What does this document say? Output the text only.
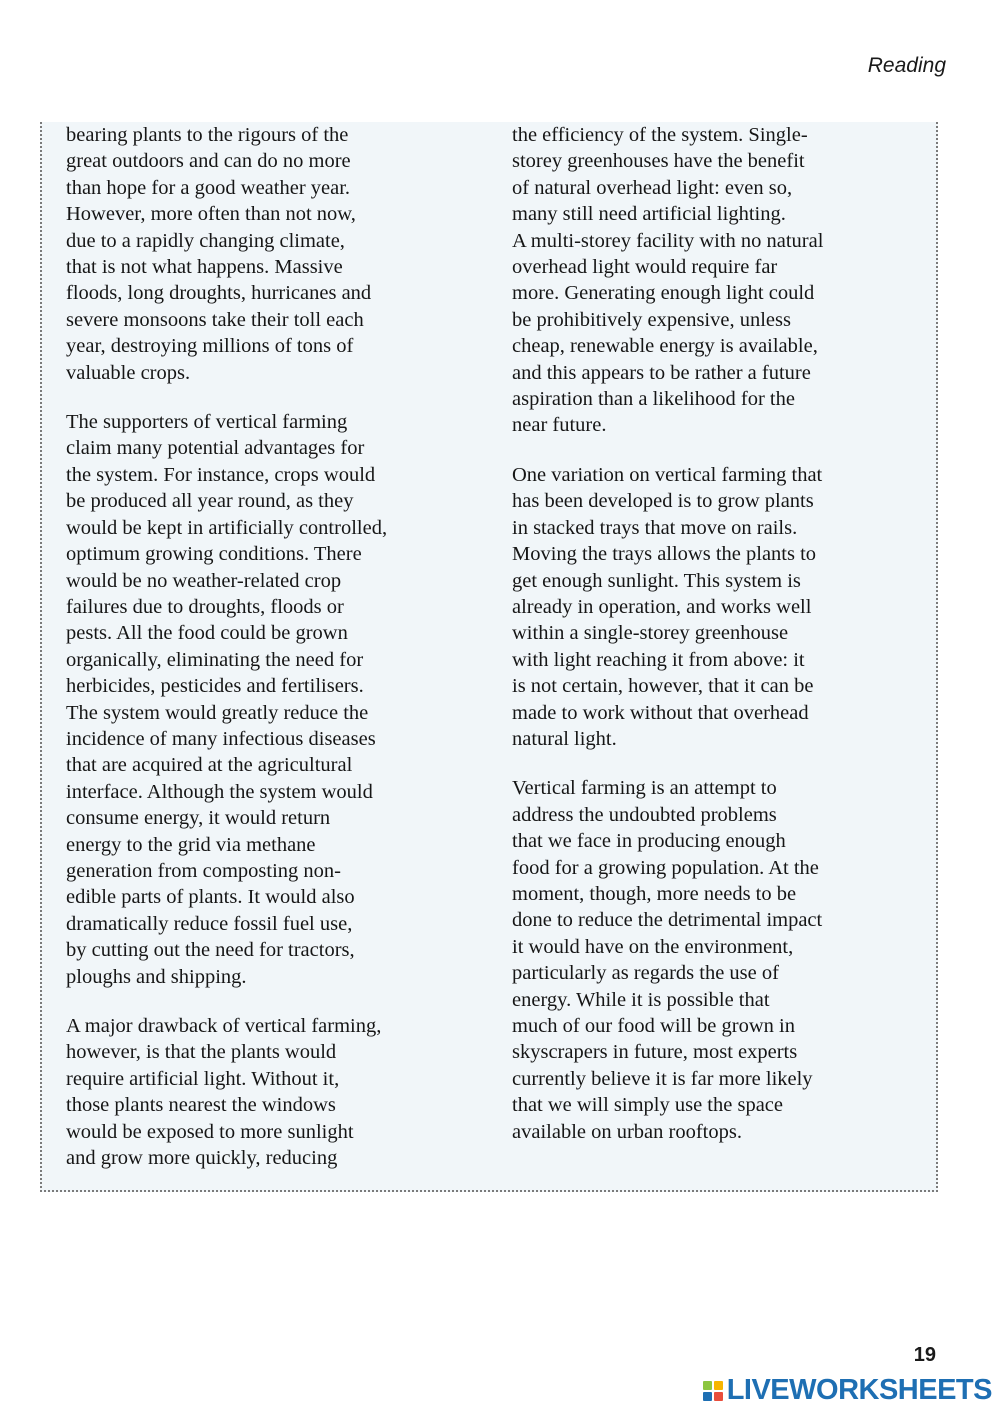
Reading

bearing plants to the rigours of the
great outdoors and can do no more
than hope for a good weather year.
However, more often than not now,
due to a rapidly changing climate,
that is not what happens. Massive
floods, long droughts, hurricanes and
severe monsoons take their toll each
year, destroying millions of tons of
valuable crops.

The supporters of vertical farming
claim many potential advantages for
the system. For instance, crops would
be produced all year round, as they
would be kept in artificially controlled,
optimum growing conditions. There
would be no weather-related crop
failures due to droughts, floods or
pests. All the food could be grown
organically, eliminating the need for
herbicides, pesticides and fertilisers.
The system would greatly reduce the
incidence of many infectious diseases
that are acquired at the agricultural
interface. Although the system would
consume energy, it would return
energy to the grid via methane
generation from composting non-
edible parts of plants. It would also
dramatically reduce fossil fuel use,
by cutting out the need for tractors,
ploughs and shipping.

A major drawback of vertical farming,
however, is that the plants would
require artificial light. Without it,
those plants nearest the windows
would be exposed to more sunlight
and grow more quickly, reducing

the efficiency of the system. Single-
storey greenhouses have the benefit
of natural overhead light: even so,
many still need artificial lighting.
A multi-storey facility with no natural
overhead light would require far
more. Generating enough light could
be prohibitively expensive, unless
cheap, renewable energy is available,
and this appears to be rather a future
aspiration than a likelihood for the
near future.

One variation on vertical farming that
has been developed is to grow plants
in stacked trays that move on rails.
Moving the trays allows the plants to
get enough sunlight. This system is
already in operation, and works well
within a single-storey greenhouse
with light reaching it from above: it
is not certain, however, that it can be
made to work without that overhead
natural light.

Vertical farming is an attempt to
address the undoubted problems
that we face in producing enough
food for a growing population. At the
moment, though, more needs to be
done to reduce the detrimental impact
it would have on the environment,
particularly as regards the use of
energy. While it is possible that
much of our food will be grown in
skyscrapers in future, most experts
currently believe it is far more likely
that we will simply use the space
available on urban rooftops.

19
LIVEWORKSHEETS
